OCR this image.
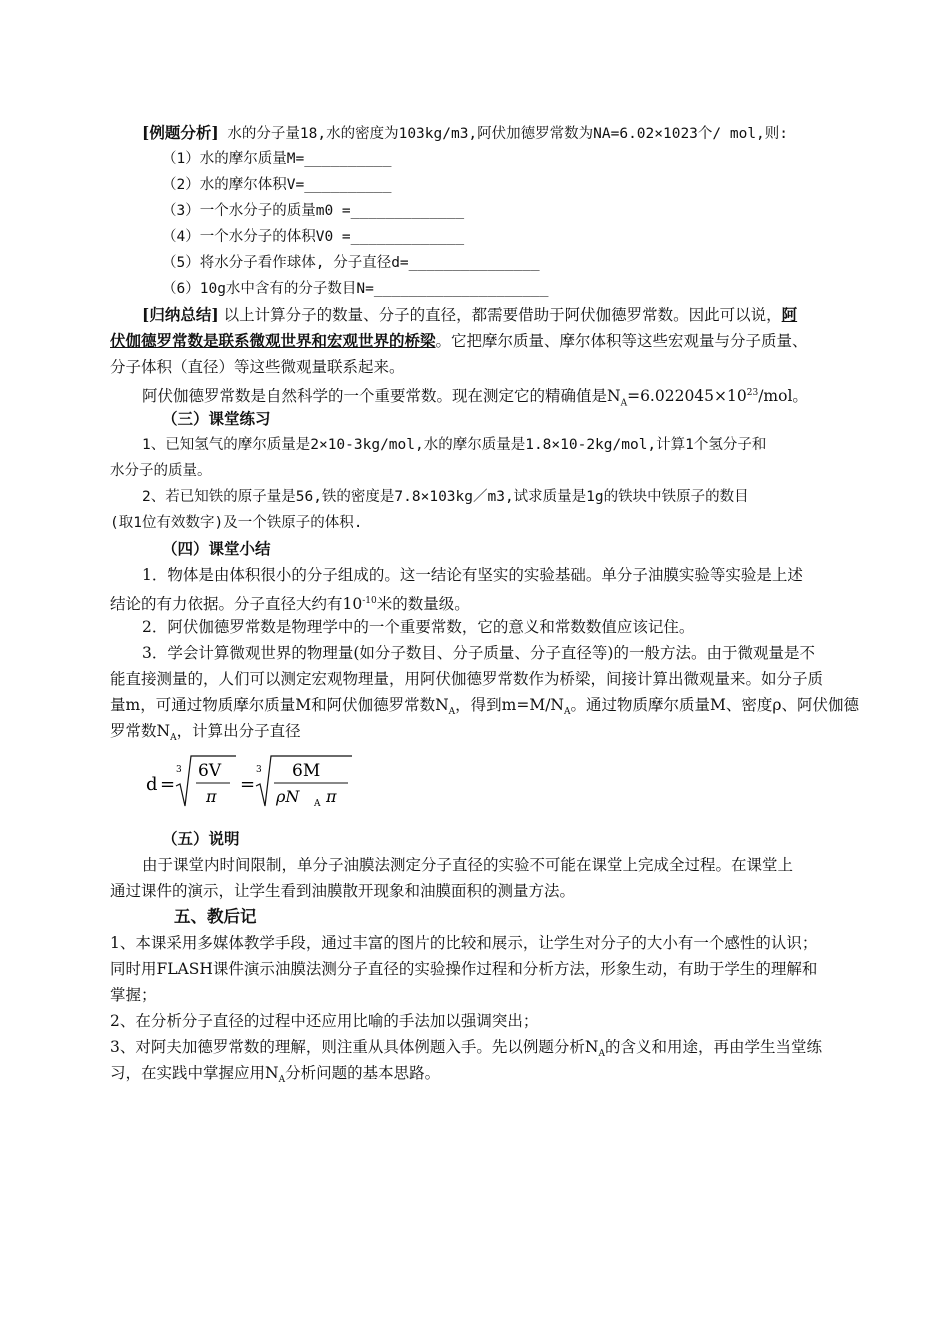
[例题分析] 水的分子量18,水的密度为103kg/m3,阿伏加德罗常数为NA=6.02×1023个/ mol,则:
（1）水的摩尔质量M=__________
（2）水的摩尔体积V=__________
（3）一个水分子的质量m0 =_____________
（4）一个水分子的体积V0 =_____________
（5）将水分子看作球体, 分子直径d=_______________
（6）10g水中含有的分子数目N=____________________
[归纳总结] 以上计算分子的数量、分子的直径，都需要借助于阿伏伽德罗常数。因此可以说，阿
伏伽德罗常数是联系微观世界和宏观世界的桥梁。它把摩尔质量、摩尔体积等这些宏观量与分子质量、
分子体积（直径）等这些微观量联系起来。
阿伏伽德罗常数是自然科学的一个重要常数。现在测定它的精确值是$N_A=6.022045\times 10^{23}$/mol。
（三）课堂练习
1、已知氢气的摩尔质量是2×10-3kg/mol,水的摩尔质量是1.8×10-2kg/mol,计算1个氢分子和
水分子的质量。
2、若已知铁的原子量是56,铁的密度是7.8×103kg／m3,试求质量是1g的铁块中铁原子的数目
(取1位有效数字)及一个铁原子的体积.
（四）课堂小结
1．物体是由体积很小的分子组成的。这一结论有坚实的实验基础。单分子油膜实验等实验是上述
结论的有力依据。分子直径大约有$10^{-10}$米的数量级。
2．阿伏伽德罗常数是物理学中的一个重要常数，它的意义和常数数值应该记住。
3．学会计算微观世界的物理量(如分子数目、分子质量、分子直径等)的一般方法。由于微观量是不
能直接测量的，人们可以测定宏观物理量，用阿伏伽德罗常数作为桥梁，间接计算出微观量来。如分子质
量m，可通过物质摩尔质量M和阿伏伽德罗常数$N_A$，得到$m=M/N_A$。通过物质摩尔质量M、密度ρ、阿伏伽德
罗常数$N_A$，计算出分子直径
d =
3 6V
π
=
3 6M
ρN A π
（五）说明
由于课堂内时间限制，单分子油膜法测定分子直径的实验不可能在课堂上完成全过程。在课堂上
通过课件的演示，让学生看到油膜散开现象和油膜面积的测量方法。
五、教后记
1、本课采用多媒体教学手段，通过丰富的图片的比较和展示，让学生对分子的大小有一个感性的认识；
同时用FLASH课件演示油膜法测分子直径的实验操作过程和分析方法，形象生动，有助于学生的理解和
掌握；
2、在分析分子直径的过程中还应用比喻的手法加以强调突出；
3、对阿夫加德罗常数的理解，则注重从具体例题入手。先以例题分析$N_A$的含义和用途，再由学生当堂练
习，在实践中掌握应用$N_A$分析问题的基本思路。
